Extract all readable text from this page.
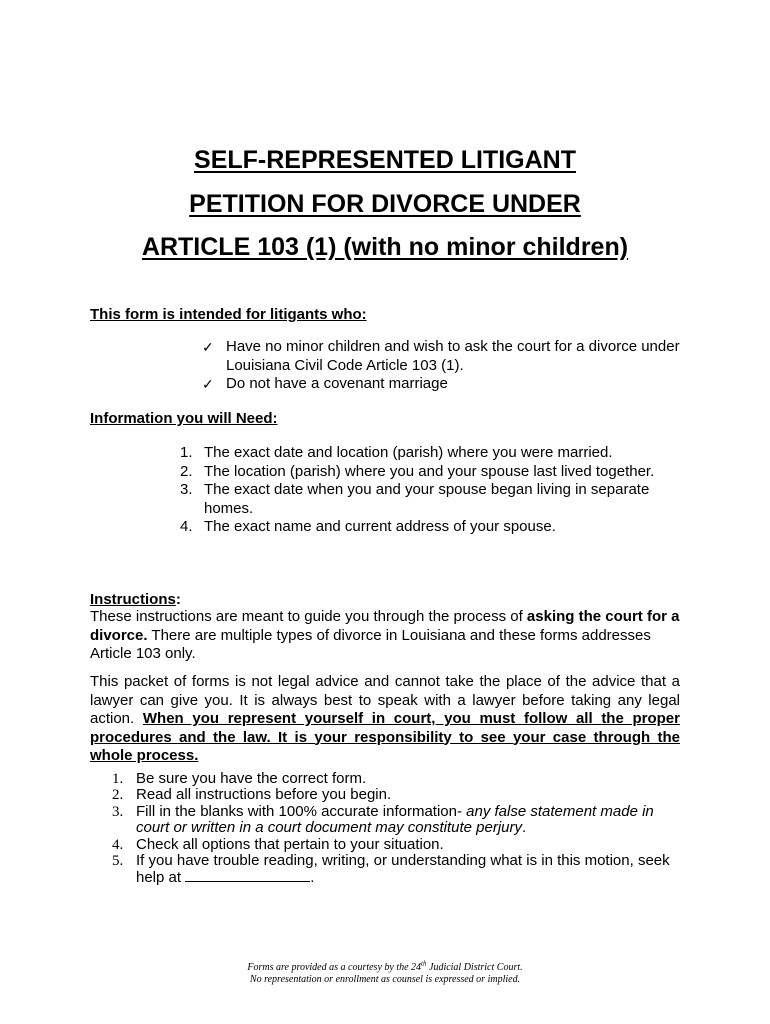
SELF-REPRESENTED LITIGANT
PETITION FOR DIVORCE UNDER
ARTICLE 103 (1) (with no minor children)

This form is intended for litigants who:

✓ Have no minor children and wish to ask the court for a divorce under Louisiana Civil Code Article 103 (1).
✓ Do not have a covenant marriage

Information you will Need:

1. The exact date and location (parish) where you were married.
2. The location (parish) where you and your spouse last lived together.
3. The exact date when you and your spouse began living in separate homes.
4. The exact name and current address of your spouse.

Instructions:

These instructions are meant to guide you through the process of asking the court for a divorce. There are multiple types of divorce in Louisiana and these forms addresses Article 103 only.

This packet of forms is not legal advice and cannot take the place of the advice that a lawyer can give you. It is always best to speak with a lawyer before taking any legal action. When you represent yourself in court, you must follow all the proper procedures and the law. It is your responsibility to see your case through the whole process.

1. Be sure you have the correct form.
2. Read all instructions before you begin.
3. Fill in the blanks with 100% accurate information- any false statement made in court or written in a court document may constitute perjury.
4. Check all options that pertain to your situation.
5. If you have trouble reading, writing, or understanding what is in this motion, seek help at	.
Forms are provided as a courtesy by the 24th Judicial District Court.
No representation or enrollment as counsel is expressed or implied.
